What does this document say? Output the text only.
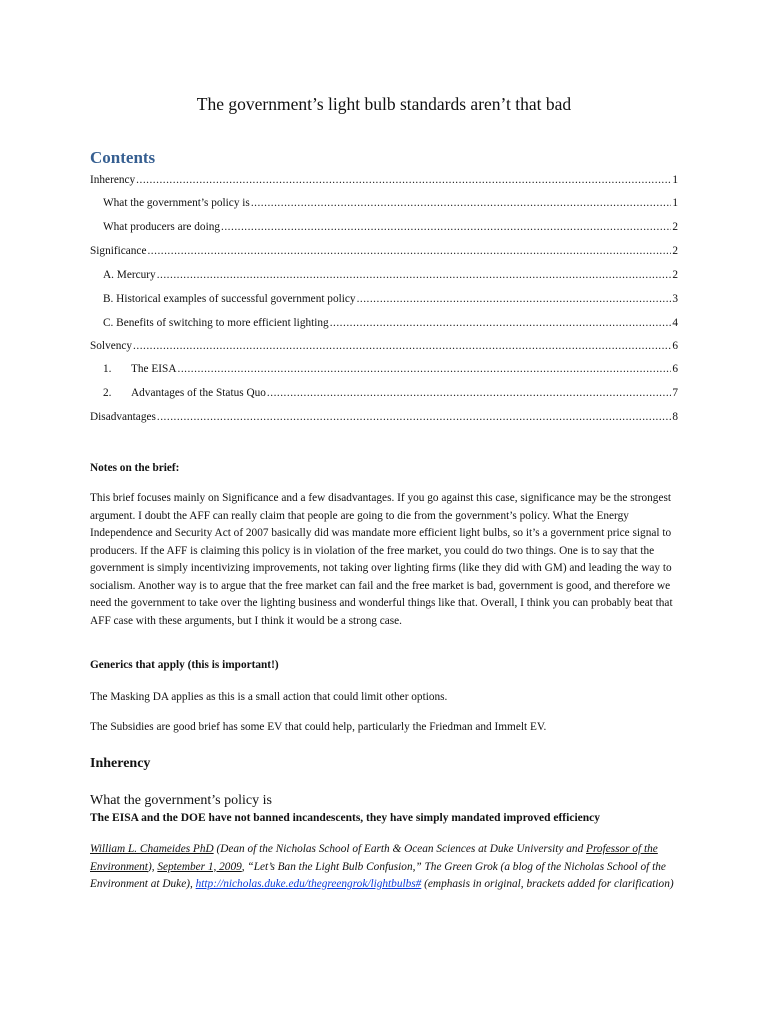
The government’s light bulb standards aren’t that bad
Contents
Inherency .....	1
What the government’s policy is .....	1
What producers are doing .....	2
Significance .....	2
A. Mercury .....	2
B. Historical examples of successful government policy .....	3
C. Benefits of switching to more efficient lighting .....	4
Solvency .....	6
1.	The EISA .....	6
2.	Advantages of the Status Quo .....	7
Disadvantages .....	8
Notes on the brief:
This brief focuses mainly on Significance and a few disadvantages. If you go against this case, significance may be the strongest argument. I doubt the AFF can really claim that people are going to die from the government’s policy. What the Energy Independence and Security Act of 2007 basically did was mandate more efficient light bulbs, so it’s a government price signal to producers. If the AFF is claiming this policy is in violation of the free market, you could do two things. One is to say that the government is simply incentivizing improvements, not taking over lighting firms (like they did with GM) and leading the way to socialism. Another way is to argue that the free market can fail and the free market is bad, government is good, and therefore we need the government to take over the lighting business and wonderful things like that. Overall, I think you can probably beat that AFF case with these arguments, but I think it would be a strong case.
Generics that apply (this is important!)
The Masking DA applies as this is a small action that could limit other options.
The Subsidies are good brief has some EV that could help, particularly the Friedman and Immelt EV.
Inherency
What the government’s policy is
The EISA and the DOE have not banned incandescents, they have simply mandated improved efficiency
William L. Chameides PhD (Dean of the Nicholas School of Earth & Ocean Sciences at Duke University and Professor of the Environment), September 1, 2009, “Let’s Ban the Light Bulb Confusion,” The Green Grok (a blog of the Nicholas School of the Environment at Duke), http://nicholas.duke.edu/thegreengrok/lightbulbs# (emphasis in original, brackets added for clarification)
